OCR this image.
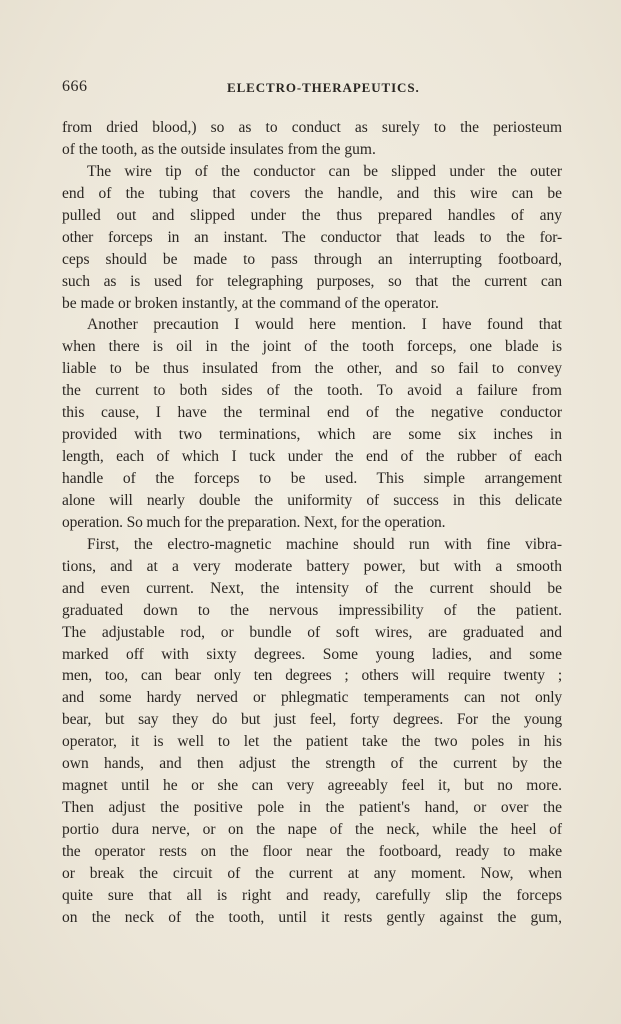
666	ELECTRO-THERAPEUTICS.
from dried blood,) so as to conduct as surely to the periosteum
of the tooth, as the outside insulates from the gum.
The wire tip of the conductor can be slipped under the outer
end of the tubing that covers the handle, and this wire can be
pulled out and slipped under the thus prepared handles of any
other forceps in an instant. The conductor that leads to the for-
ceps should be made to pass through an interrupting footboard,
such as is used for telegraphing purposes, so that the current can
be made or broken instantly, at the command of the operator.
Another precaution I would here mention. I have found that
when there is oil in the joint of the tooth forceps, one blade is
liable to be thus insulated from the other, and so fail to convey
the current to both sides of the tooth. To avoid a failure from
this cause, I have the terminal end of the negative conductor
provided with two terminations, which are some six inches in
length, each of which I tuck under the end of the rubber of each
handle of the forceps to be used. This simple arrangement
alone will nearly double the uniformity of success in this delicate
operation. So much for the preparation. Next, for the operation.
First, the electro-magnetic machine should run with fine vibra-
tions, and at a very moderate battery power, but with a smooth
and even current. Next, the intensity of the current should be
graduated down to the nervous impressibility of the patient.
The adjustable rod, or bundle of soft wires, are graduated and
marked off with sixty degrees. Some young ladies, and some
men, too, can bear only ten degrees ; others will require twenty ;
and some hardy nerved or phlegmatic temperaments can not only
bear, but say they do but just feel, forty degrees. For the young
operator, it is well to let the patient take the two poles in his
own hands, and then adjust the strength of the current by the
magnet until he or she can very agreeably feel it, but no more.
Then adjust the positive pole in the patient's hand, or over the
portio dura nerve, or on the nape of the neck, while the heel of
the operator rests on the floor near the footboard, ready to make
or break the circuit of the current at any moment. Now, when
quite sure that all is right and ready, carefully slip the forceps
on the neck of the tooth, until it rests gently against the gum,
